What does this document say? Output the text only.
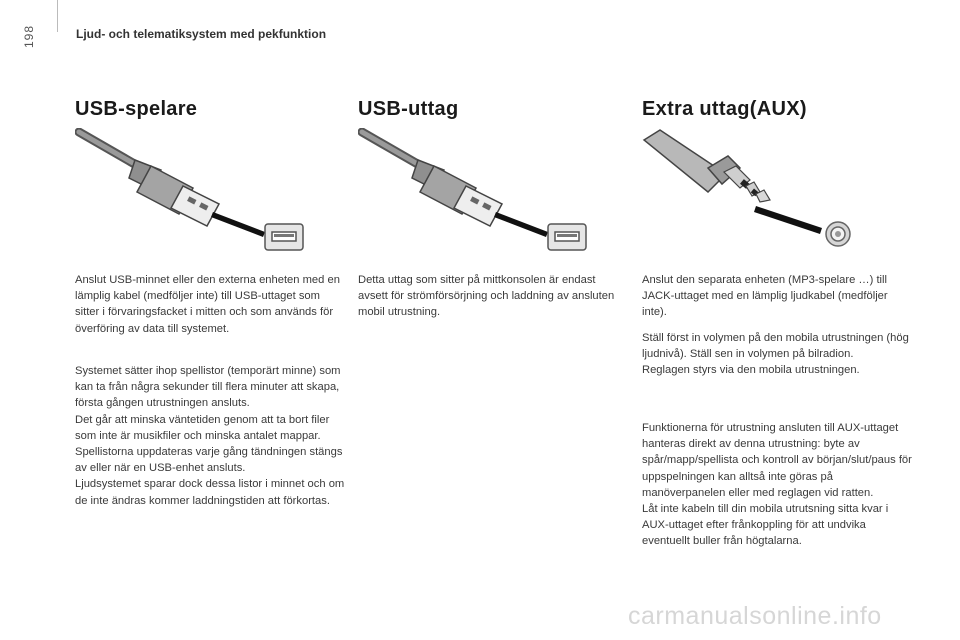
198	Ljud- och telematiksystem med pekfunktion
USB-spelare	USB-uttag	Extra uttag(AUX)

Anslut USB-minnet eller den externa enheten med en lämplig kabel (medföljer inte) till USB-uttaget som sitter i förvaringsfacket i mitten och som används för överföring av data till systemet.

Systemet sätter ihop spellistor (temporärt minne) som kan ta från några sekunder till flera minuter att skapa, första gången utrustningen ansluts.

Det går att minska väntetiden genom att ta bort filer som inte är musikfiler och minska antalet mappar.

Spellistorna uppdateras varje gång tändningen stängs av eller när en USB-enhet ansluts.

Ljudsystemet sparar dock dessa listor i minnet och om de inte ändras kommer laddningstiden att förkortas.

Detta uttag som sitter på mittkonsolen är endast avsett för strömförsörjning och laddning av ansluten mobil utrustning.

Anslut den separata enheten (MP3-spelare …) till JACK-uttaget med en lämplig ljudkabel (medföljer inte).

Ställ först in volymen på den mobila utrustningen (hög ljudnivå). Ställ sen in volymen på bilradion.

Reglagen styrs via den mobila utrustningen.

Funktionerna för utrustning ansluten till AUX-uttaget hanteras direkt av denna utrustning: byte av spår/mapp/spellista och kontroll av början/slut/paus för uppspelningen kan alltså inte göras på manöverpanelen eller med reglagen vid ratten.

Låt inte kabeln till din mobila utrutsning sitta kvar i AUX-uttaget efter frånkoppling för att undvika eventuellt buller från högtalarna.

carmanualsonline.info
